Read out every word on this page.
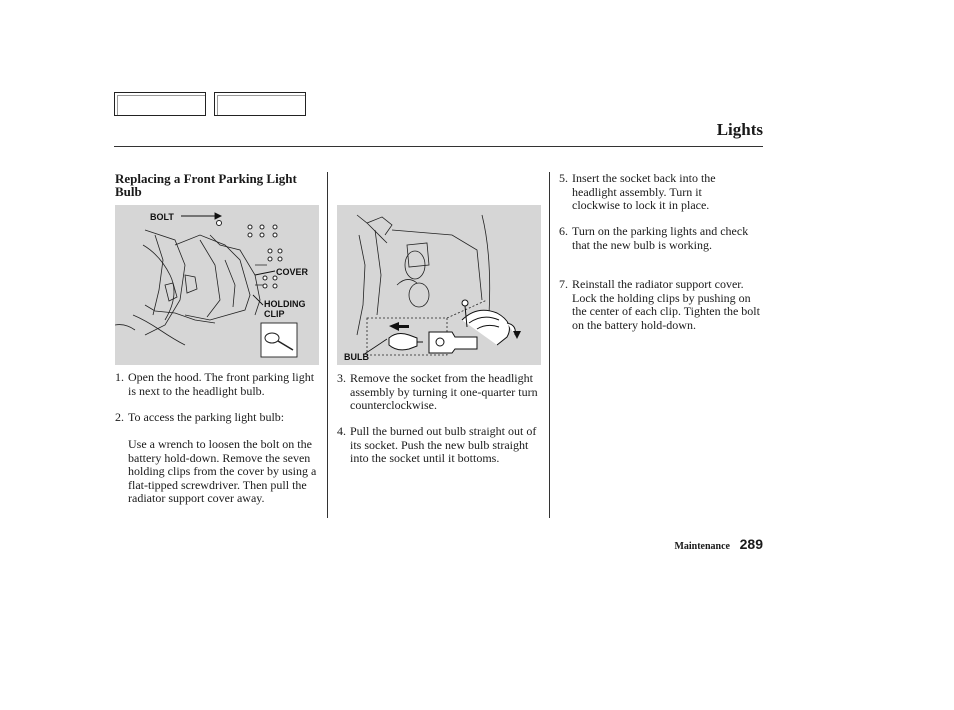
Lights
Replacing a Front Parking Light Bulb
BOLT
COVER
HOLDING
CLIP
1. Open the hood. The front parking light is next to the headlight bulb.
2. To access the parking light bulb:
Use a wrench to loosen the bolt on the battery hold-down. Remove the seven holding clips from the cover by using a flat-tipped screwdriver. Then pull the radiator support cover away.
BULB
3. Remove the socket from the headlight assembly by turning it one-quarter turn counterclockwise.
4. Pull the burned out bulb straight out of its socket. Push the new bulb straight into the socket until it bottoms.
5. Insert the socket back into the headlight assembly. Turn it clockwise to lock it in place.
6. Turn on the parking lights and check that the new bulb is working.
7. Reinstall the radiator support cover. Lock the holding clips by pushing on the center of each clip. Tighten the bolt on the battery hold-down.
Maintenance 289
